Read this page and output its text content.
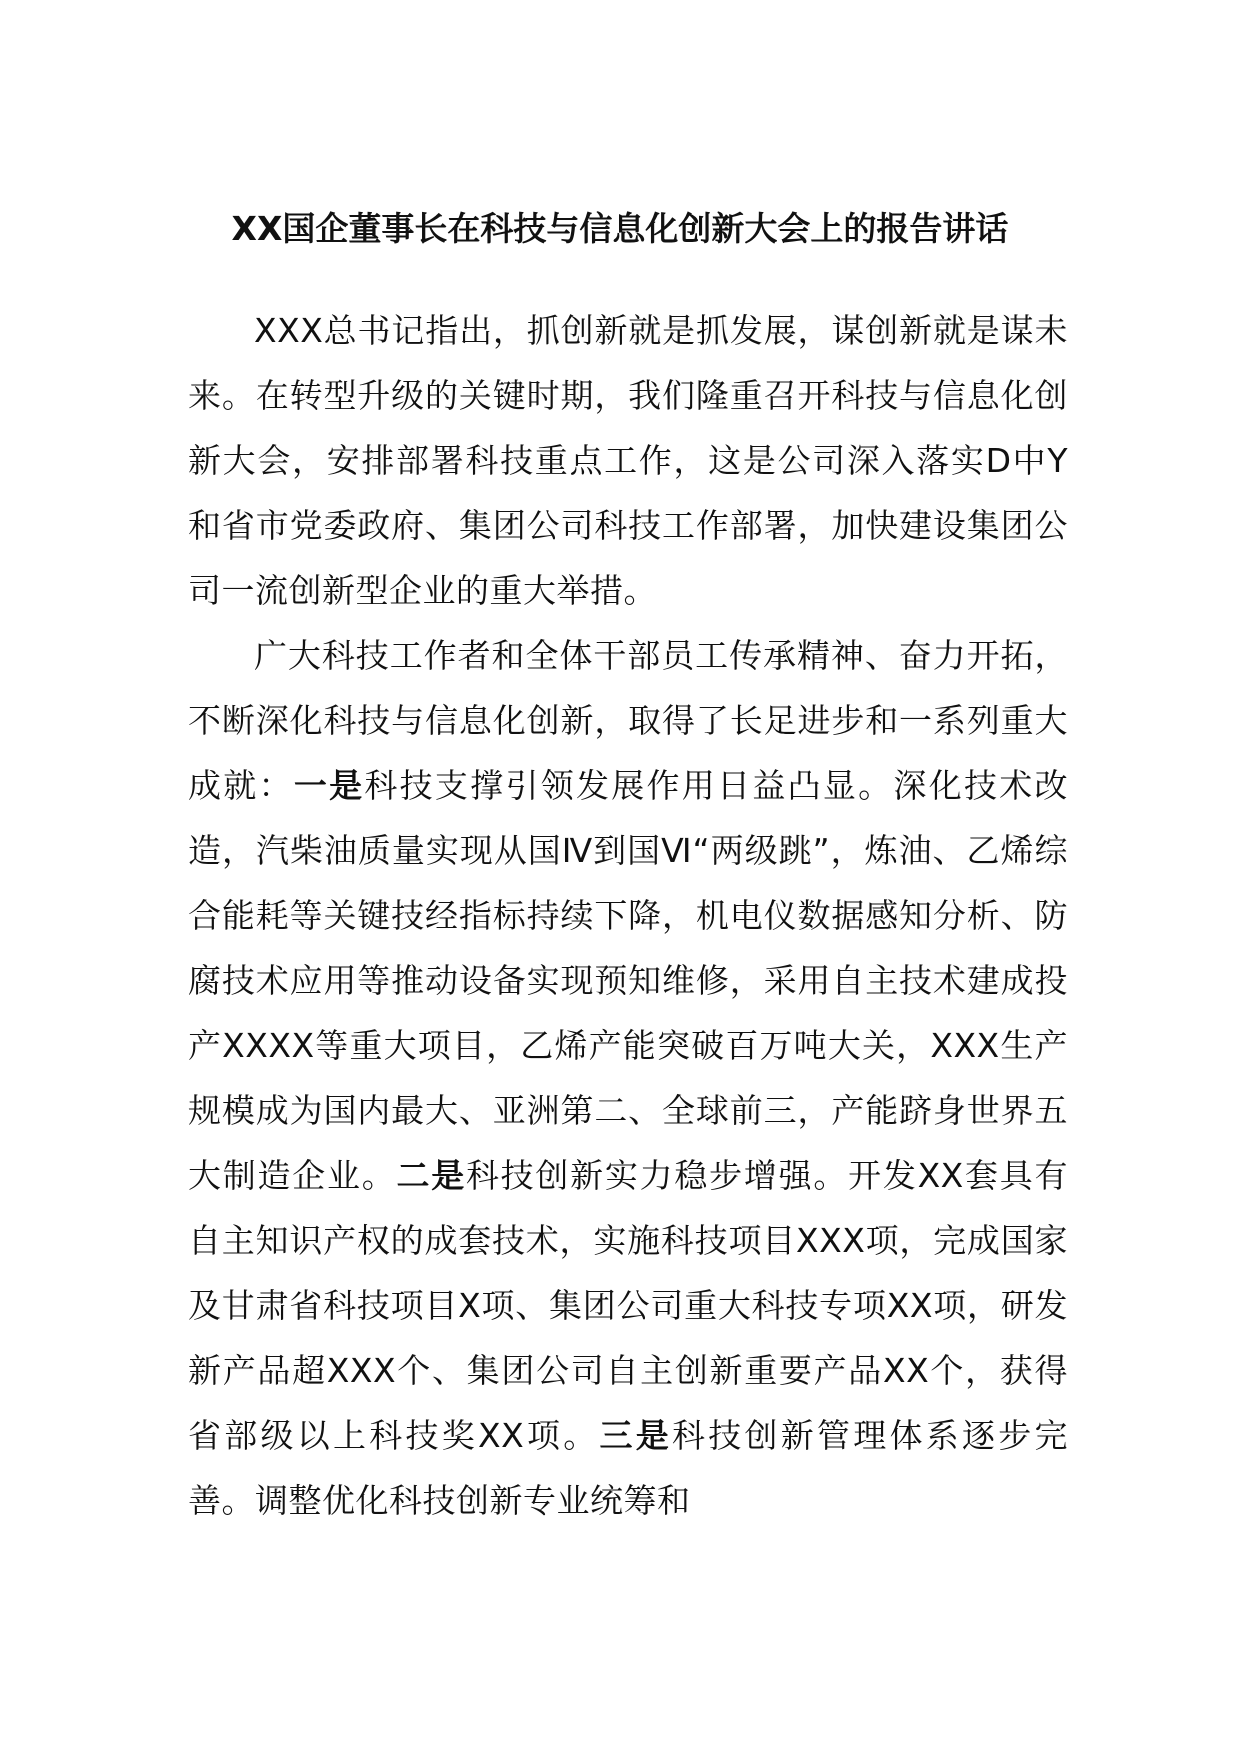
XX国企董事长在科技与信息化创新大会上的报告讲话

XXX总书记指出，抓创新就是抓发展，谋创新就是谋未来。在转型升级的关键时期，我们隆重召开科技与信息化创新大会，安排部署科技重点工作，这是公司深入落实D中Y和省市党委政府、集团公司科技工作部署，加快建设集团公司一流创新型企业的重大举措。

广大科技工作者和全体干部员工传承精神、奋力开拓，不断深化科技与信息化创新，取得了长足进步和一系列重大成就：一是科技支撑引领发展作用日益凸显。深化技术改造，汽柴油质量实现从国Ⅳ到国Ⅵ“两级跳”，炼油、乙烯综合能耗等关键技经指标持续下降，机电仪数据感知分析、防腐技术应用等推动设备实现预知维修，采用自主技术建成投产XXXX等重大项目，乙烯产能突破百万吨大关，XXX生产规模成为国内最大、亚洲第二、全球前三，产能跻身世界五大制造企业。二是科技创新实力稳步增强。开发XX套具有自主知识产权的成套技术，实施科技项目XXX项，完成国家及甘肃省科技项目X项、集团公司重大科技专项XX项，研发新产品超XXX个、集团公司自主创新重要产品XX个，获得省部级以上科技奖XX项。三是科技创新管理体系逐步完善。调整优化科技创新专业统筹和
